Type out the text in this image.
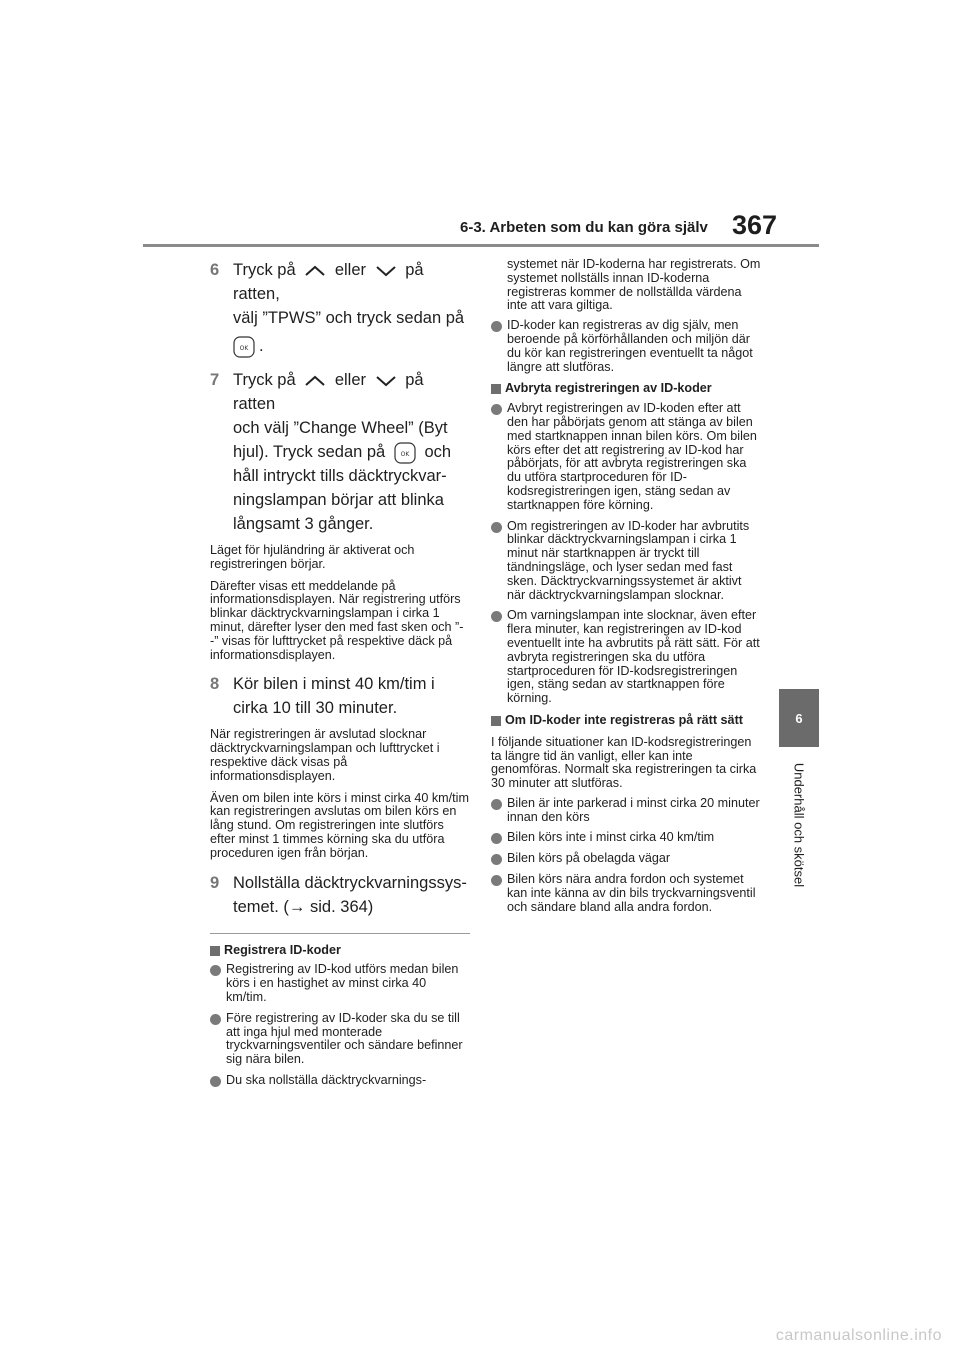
6-3. Arbeten som du kan göra själv 367
6
Underhåll och skötsel
6 Tryck på eller på ratten,
välj ”TPWS” och tryck sedan på
OK .
7 Tryck på eller på ratten
och välj ”Change Wheel” (Byt
hjul). Tryck sedan på	OK och
håll intryckt tills däcktryckvar-
ningslampan börjar att blinka
långsamt 3 gånger.

Läget för hjuländring är aktiverat och registreringen börjar.

Därefter visas ett meddelande på informationsdisplayen. När registrering utförs blinkar däcktryckvarningslampan i cirka 1 minut, därefter lyser den med fast sken och ”--” visas för lufttrycket på respektive däck på informationsdisplayen.

8 Kör bilen i minst 40 km/tim i
cirka 10 till 30 minuter.

När registreringen är avslutad slocknar däcktryckvarningslampan och lufttrycket i respektive däck visas på informationsdisplayen.

Även om bilen inte körs i minst cirka 40 km/tim kan registreringen avslutas om bilen körs en lång stund. Om registreringen inte slutförs efter minst 1 timmes körning ska du utföra proceduren igen från början.

9 Nollställa däcktryckvarningssys-
temet. (→ sid. 364)
Registrera ID-koder
Registrering av ID-kod utförs medan bilen körs i en hastighet av minst cirka 40 km/tim.
Före registrering av ID-koder ska du se till att inga hjul med monterade tryckvarningsventiler och sändare befinner sig nära bilen.
Du ska nollställa däcktryckvarnings-

systemet när ID-koderna har registrerats. Om systemet nollställs innan ID-koderna registreras kommer de nollställda värdena inte att vara giltiga.

ID-koder kan registreras av dig själv, men beroende på körförhållanden och miljön där du kör kan registreringen eventuellt ta något längre att slutföras.
Avbryta registreringen av ID-koder
Avbryt registreringen av ID-koden efter att den har påbörjats genom att stänga av bilen med startknappen innan bilen körs. Om bilen körs efter det att registrering av ID-kod har påbörjats, för att avbryta registreringen ska du utföra startproceduren för ID-kodsregistreringen igen, stäng sedan av startknappen före körning.
Om registreringen av ID-koder har avbrutits blinkar däcktryckvarningslampan i cirka 1 minut när startknappen är tryckt till tändningsläge, och lyser sedan med fast sken. Däcktryckvarningssystemet är aktivt när däcktryckvarningslampan slocknar.
Om varningslampan inte slocknar, även efter flera minuter, kan registreringen av ID-kod eventuellt inte ha avbrutits på rätt sätt. För att avbryta registreringen ska du utföra startproceduren för ID-kodsregistreringen igen, stäng sedan av startknappen före körning.
Om ID-koder inte registreras på rätt sätt

I följande situationer kan ID-kodsregistreringen ta längre tid än vanligt, eller kan inte genomföras. Normalt ska registreringen ta cirka 30 minuter att slutföras.

Bilen är inte parkerad i minst cirka 20 minuter innan den körs
Bilen körs inte i minst cirka 40 km/tim
Bilen körs på obelagda vägar
Bilen körs nära andra fordon och systemet kan inte känna av din bils tryckvarningsventil och sändare bland alla andra fordon.
carmanualsonline.info
